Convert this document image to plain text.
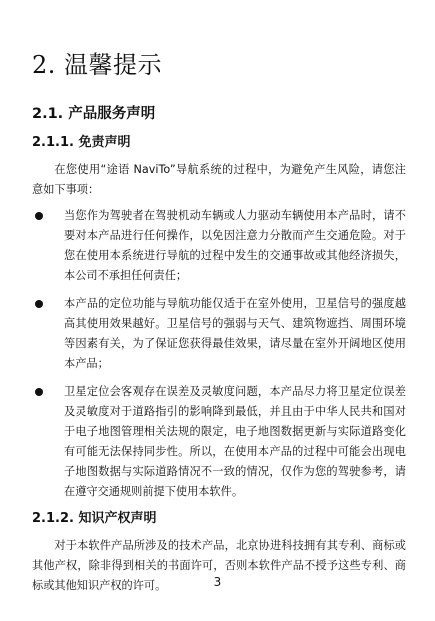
2. 温馨提示
2.1. 产品服务声明
2.1.1. 免责声明

在您使用“途语 NaviTo”导航系统的过程中，为避免产生风险，请您注意如下事项：

当您作为驾驶者在驾驶机动车辆或人力驱动车辆使用本产品时，请不要对本产品进行任何操作，以免因注意力分散而产生交通危险。对于您在使用本系统进行导航的过程中发生的交通事故或其他经济损失，本公司不承担任何责任；
本产品的定位功能与导航功能仅适于在室外使用，卫星信号的强度越高其使用效果越好。卫星信号的强弱与天气、建筑物遮挡、周围环境等因素有关，为了保证您获得最佳效果，请尽量在室外开阔地区使用本产品；
卫星定位会客观存在误差及灵敏度问题，本产品尽力将卫星定位误差及灵敏度对于道路指引的影响降到最低，并且由于中华人民共和国对于电子地图管理相关法规的限定，电子地图数据更新与实际道路变化有可能无法保持同步性。所以，在使用本产品的过程中可能会出现电子地图数据与实际道路情况不一致的情况，仅作为您的驾驶参考，请在遵守交通规则前提下使用本软件。
2.1.2. 知识产权声明

对于本软件产品所涉及的技术产品，北京协进科技拥有其专利、商标或其他产权，除非得到相关的书面许可，否则本软件产品不授予这些专利、商标或其他知识产权的许可。	3
